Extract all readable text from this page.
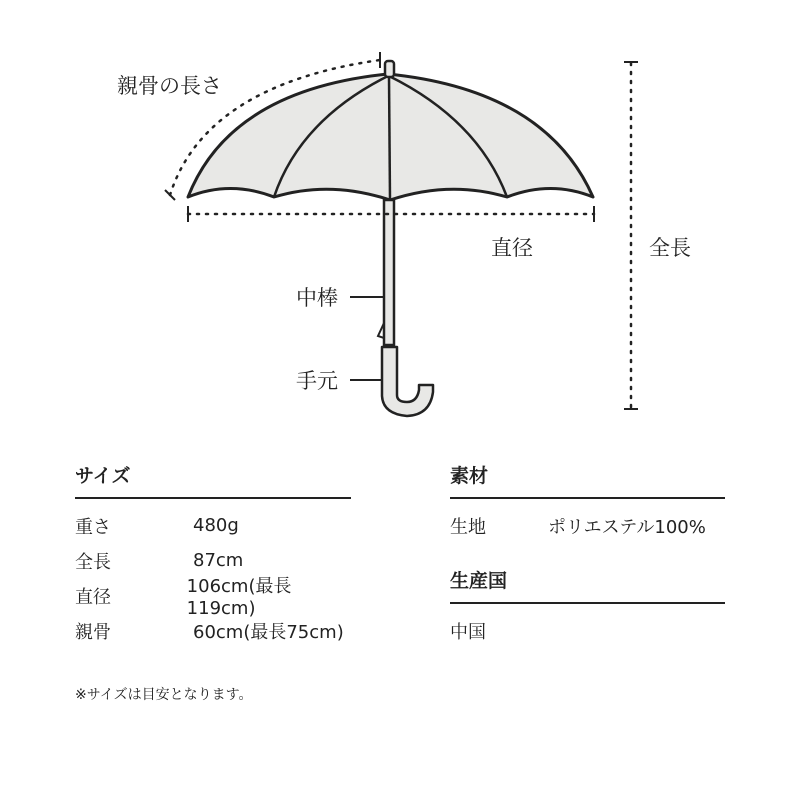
親骨の長さ
直径	全長
中棒
手元
サイズ
重さ	480g
全長	87cm
直径	106cm(最長119cm)
親骨	60cm(最長75cm)
素材
生地	ポリエステル100%
生産国
中国
※サイズは目安となります。
